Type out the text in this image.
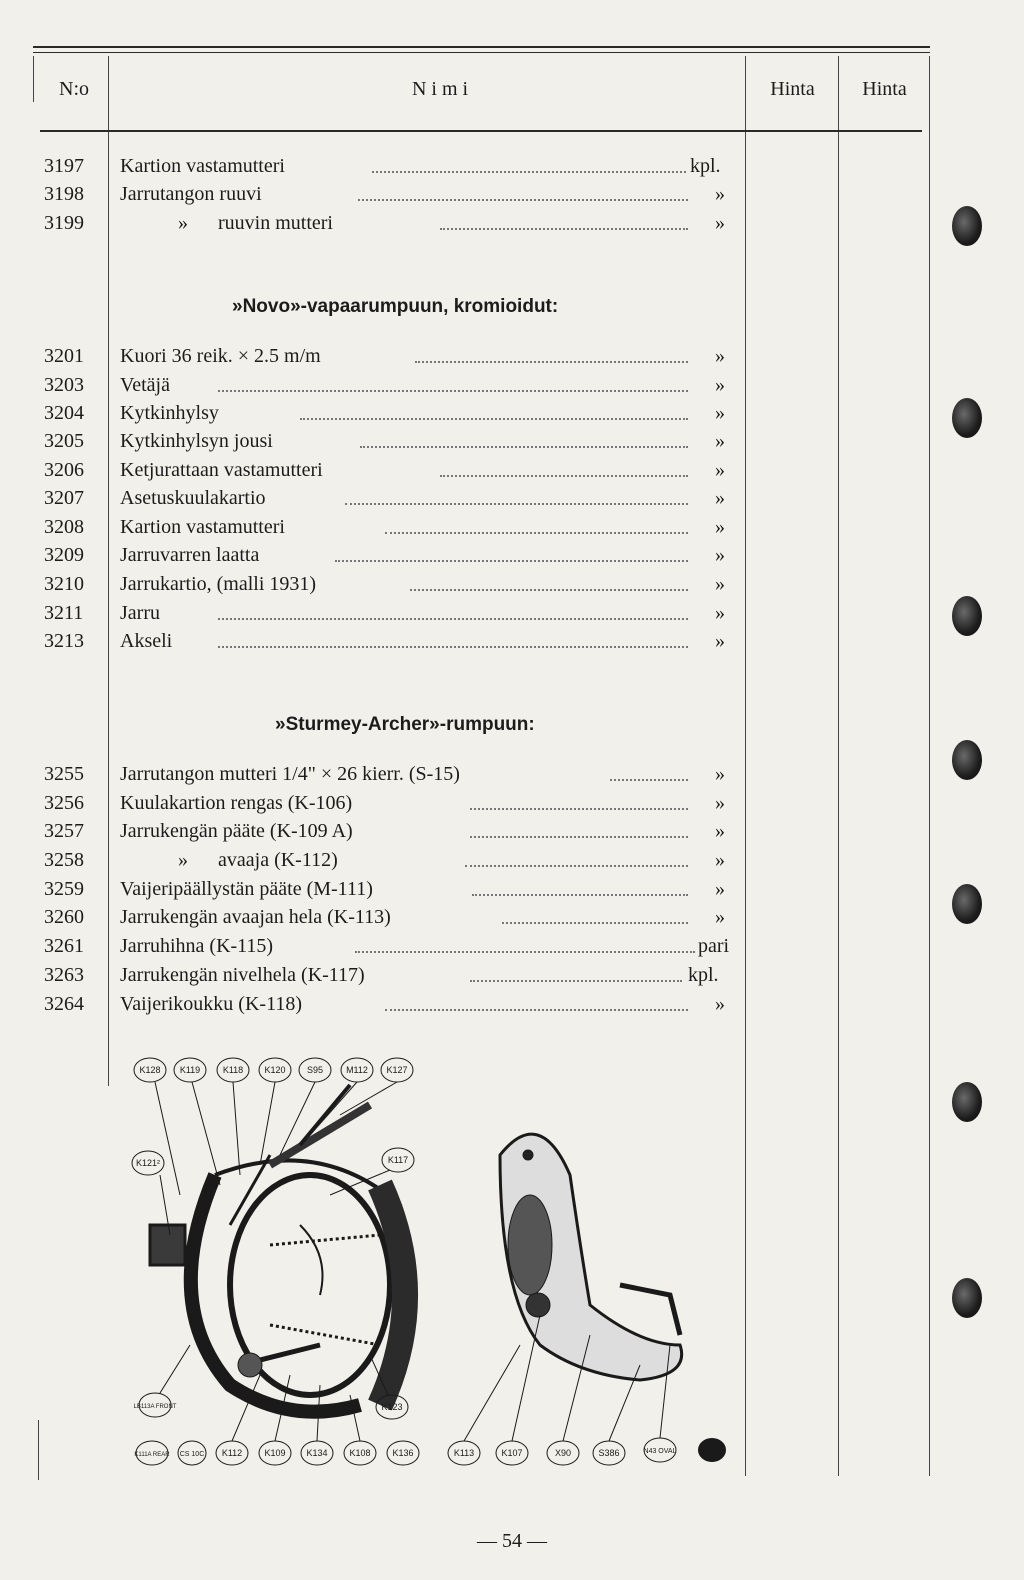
N:o	N i m i	Hinta	Hinta
3197	Kartion vastamutteri	kpl.
3198	Jarrutangon ruuvi	»
3199	»      ruuvin mutteri	»
»Novo»-vapaarumpuun, kromioidut:
3201	Kuori 36 reik. × 2.5 m/m	»
3203	Vetäjä	»
3204	Kytkinhylsy	»
3205	Kytkinhylsyn jousi	»
3206	Ketjurattaan vastamutteri	»
3207	Asetuskuulakartio	»
3208	Kartion vastamutteri	»
3209	Jarruvarren laatta	»
3210	Jarrukartio, (malli 1931)	»
3211	Jarru	»
3213	Akseli	»
»Sturmey-Archer»-rumpuun:
3255	Jarrutangon mutteri 1/4" × 26 kierr. (S-15)	»
3256	Kuulakartion rengas (K-106)	»
3257	Jarrukengän pääte (K-109 A)	»
3258	»      avaaja (K-112)	»
3259	Vaijeripäällystän pääte (M-111)	»
3260	Jarrukengän avaajan hela (K-113)	»
3261	Jarruhihna (K-115)	pari
3263	Jarrukengän nivelhela (K-117)	kpl.
3264	Vaijerikoukku (K-118)	»
K128 K119	K118 K120 S95	M112 K127
K121²	K117
LB113A FRONT	K123
K111A REAR CS 10C K112 K109 K134 K108 K136	K113	K107	X90	S386	N43 OVAL
— 54 —
